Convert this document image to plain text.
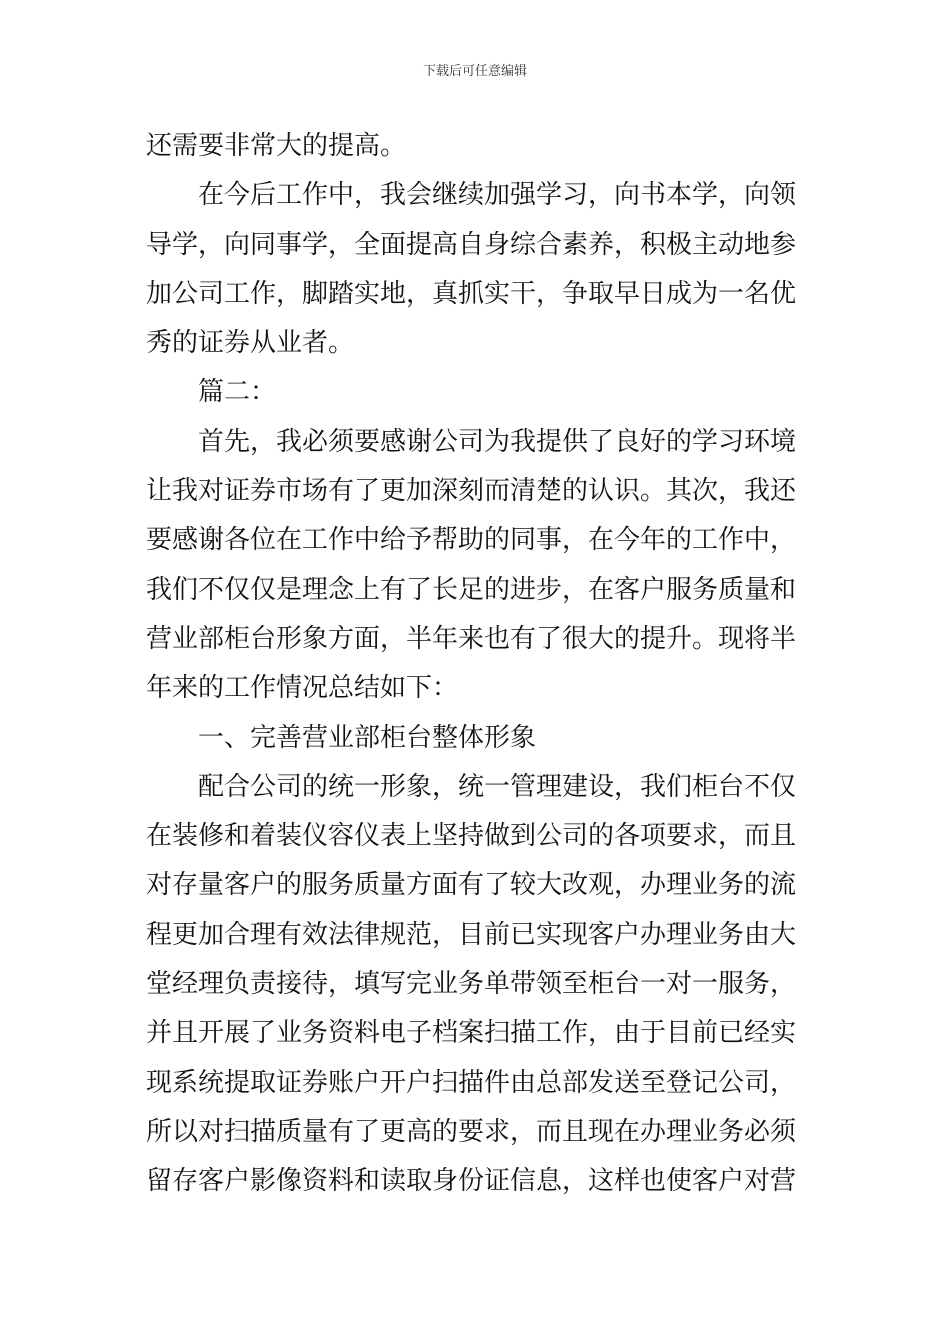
下载后可任意编辑
还需要非常大的提高。
在今后工作中，我会继续加强学习，向书本学，向领
导学，向同事学，全面提高自身综合素养，积极主动地参
加公司工作，脚踏实地，真抓实干，争取早日成为一名优
秀的证券从业者。
篇二：
首先，我必须要感谢公司为我提供了良好的学习环境
让我对证券市场有了更加深刻而清楚的认识。其次，我还
要感谢各位在工作中给予帮助的同事，在今年的工作中，
我们不仅仅是理念上有了长足的进步，在客户服务质量和
营业部柜台形象方面，半年来也有了很大的提升。现将半
年来的工作情况总结如下：
一、完善营业部柜台整体形象
配合公司的统一形象，统一管理建设，我们柜台不仅
在装修和着装仪容仪表上坚持做到公司的各项要求，而且
对存量客户的服务质量方面有了较大改观，办理业务的流
程更加合理有效法律规范，目前已实现客户办理业务由大
堂经理负责接待，填写完业务单带领至柜台一对一服务，
并且开展了业务资料电子档案扫描工作，由于目前已经实
现系统提取证券账户开户扫描件由总部发送至登记公司，
所以对扫描质量有了更高的要求，而且现在办理业务必须
留存客户影像资料和读取身份证信息，这样也使客户对营
